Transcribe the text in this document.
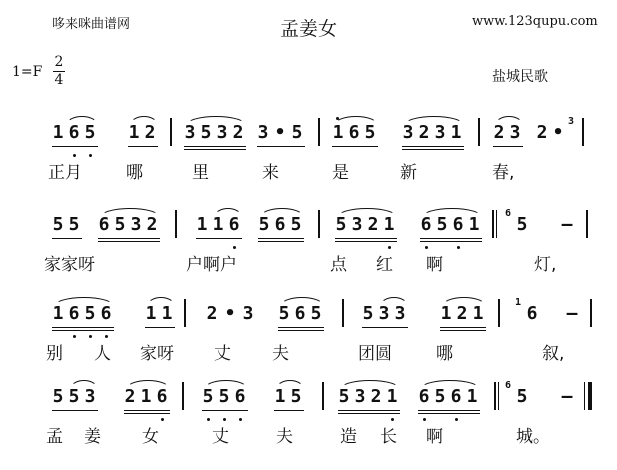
哆来咪曲谱网	孟姜女	www.123qupu.com
1=F
2
4	盐城民歌
1 6 5 1 2 3 5 3 2 3 • 5 1 6 5 3 2 3 1 2 3 2 •
3
正月	哪	里	来	是	新	春,
5 5 6 5 3 2 1 1 6 5 6 5 5 3 2 1 6 5 6 1 5 –
6
家家呀	户啊户	点 红 啊	灯,
1 6 5 6 1 1 2 • 3 5 6 5 5 3 3 1 2 1 6 –
1
别 人 家呀 丈 夫	团圆	哪	叙,
5 5 3 2 1 6 5 5 6 1 5 5 3 2 1 6 5 6 1 5 –
6
孟 姜 女	丈	夫	造 长 啊	城。
